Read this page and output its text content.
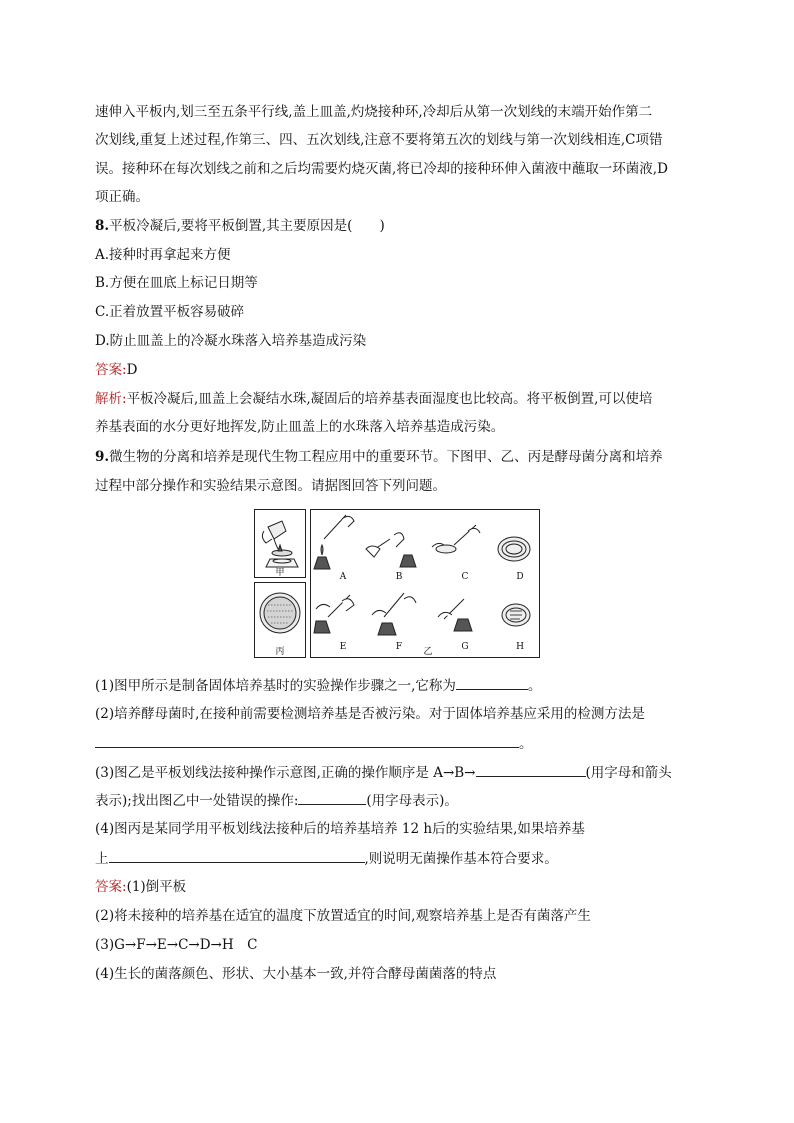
速伸入平板内,划三至五条平行线,盖上皿盖,灼烧接种环,冷却后从第一次划线的末端开始作第二
次划线,重复上述过程,作第三、四、五次划线,注意不要将第五次的划线与第一次划线相连,C项错
误。接种环在每次划线之前和之后均需要灼烧灭菌,将已冷却的接种环伸入菌液中蘸取一环菌液,D
项正确。
8.平板冷凝后,要将平板倒置,其主要原因是(　　)
A.接种时再拿起来方便
B.方便在皿底上标记日期等
C.正着放置平板容易破碎
D.防止皿盖上的冷凝水珠落入培养基造成污染
答案:D
解析:平板冷凝后,皿盖上会凝结水珠,凝固后的培养基表面湿度也比较高。将平板倒置,可以使培
养基表面的水分更好地挥发,防止皿盖上的水珠落入培养基造成污染。
9.微生物的分离和培养是现代生物工程应用中的重要环节。下图甲、乙、丙是酵母菌分离和培养
过程中部分操作和实验结果示意图。请据图回答下列问题。
甲
丙	乙
A	B	C	D
E	F	G	H
(1)图甲所示是制备固体培养基时的实验操作步骤之一,它称为	。
(2)培养酵母菌时,在接种前需要检测培养基是否被污染。对于固体培养基应采用的检测方法是
。
(3)图乙是平板划线法接种操作示意图,正确的操作顺序是 A→B→	(用字母和箭头
表示);找出图乙中一处错误的操作:	(用字母表示)。
(4)图丙是某同学用平板划线法接种后的培养基培养 12 h后的实验结果,如果培养基
上	,则说明无菌操作基本符合要求。
答案:(1)倒平板
(2)将未接种的培养基在适宜的温度下放置适宜的时间,观察培养基上是否有菌落产生
(3)G→F→E→C→D→H　C
(4)生长的菌落颜色、形状、大小基本一致,并符合酵母菌菌落的特点
